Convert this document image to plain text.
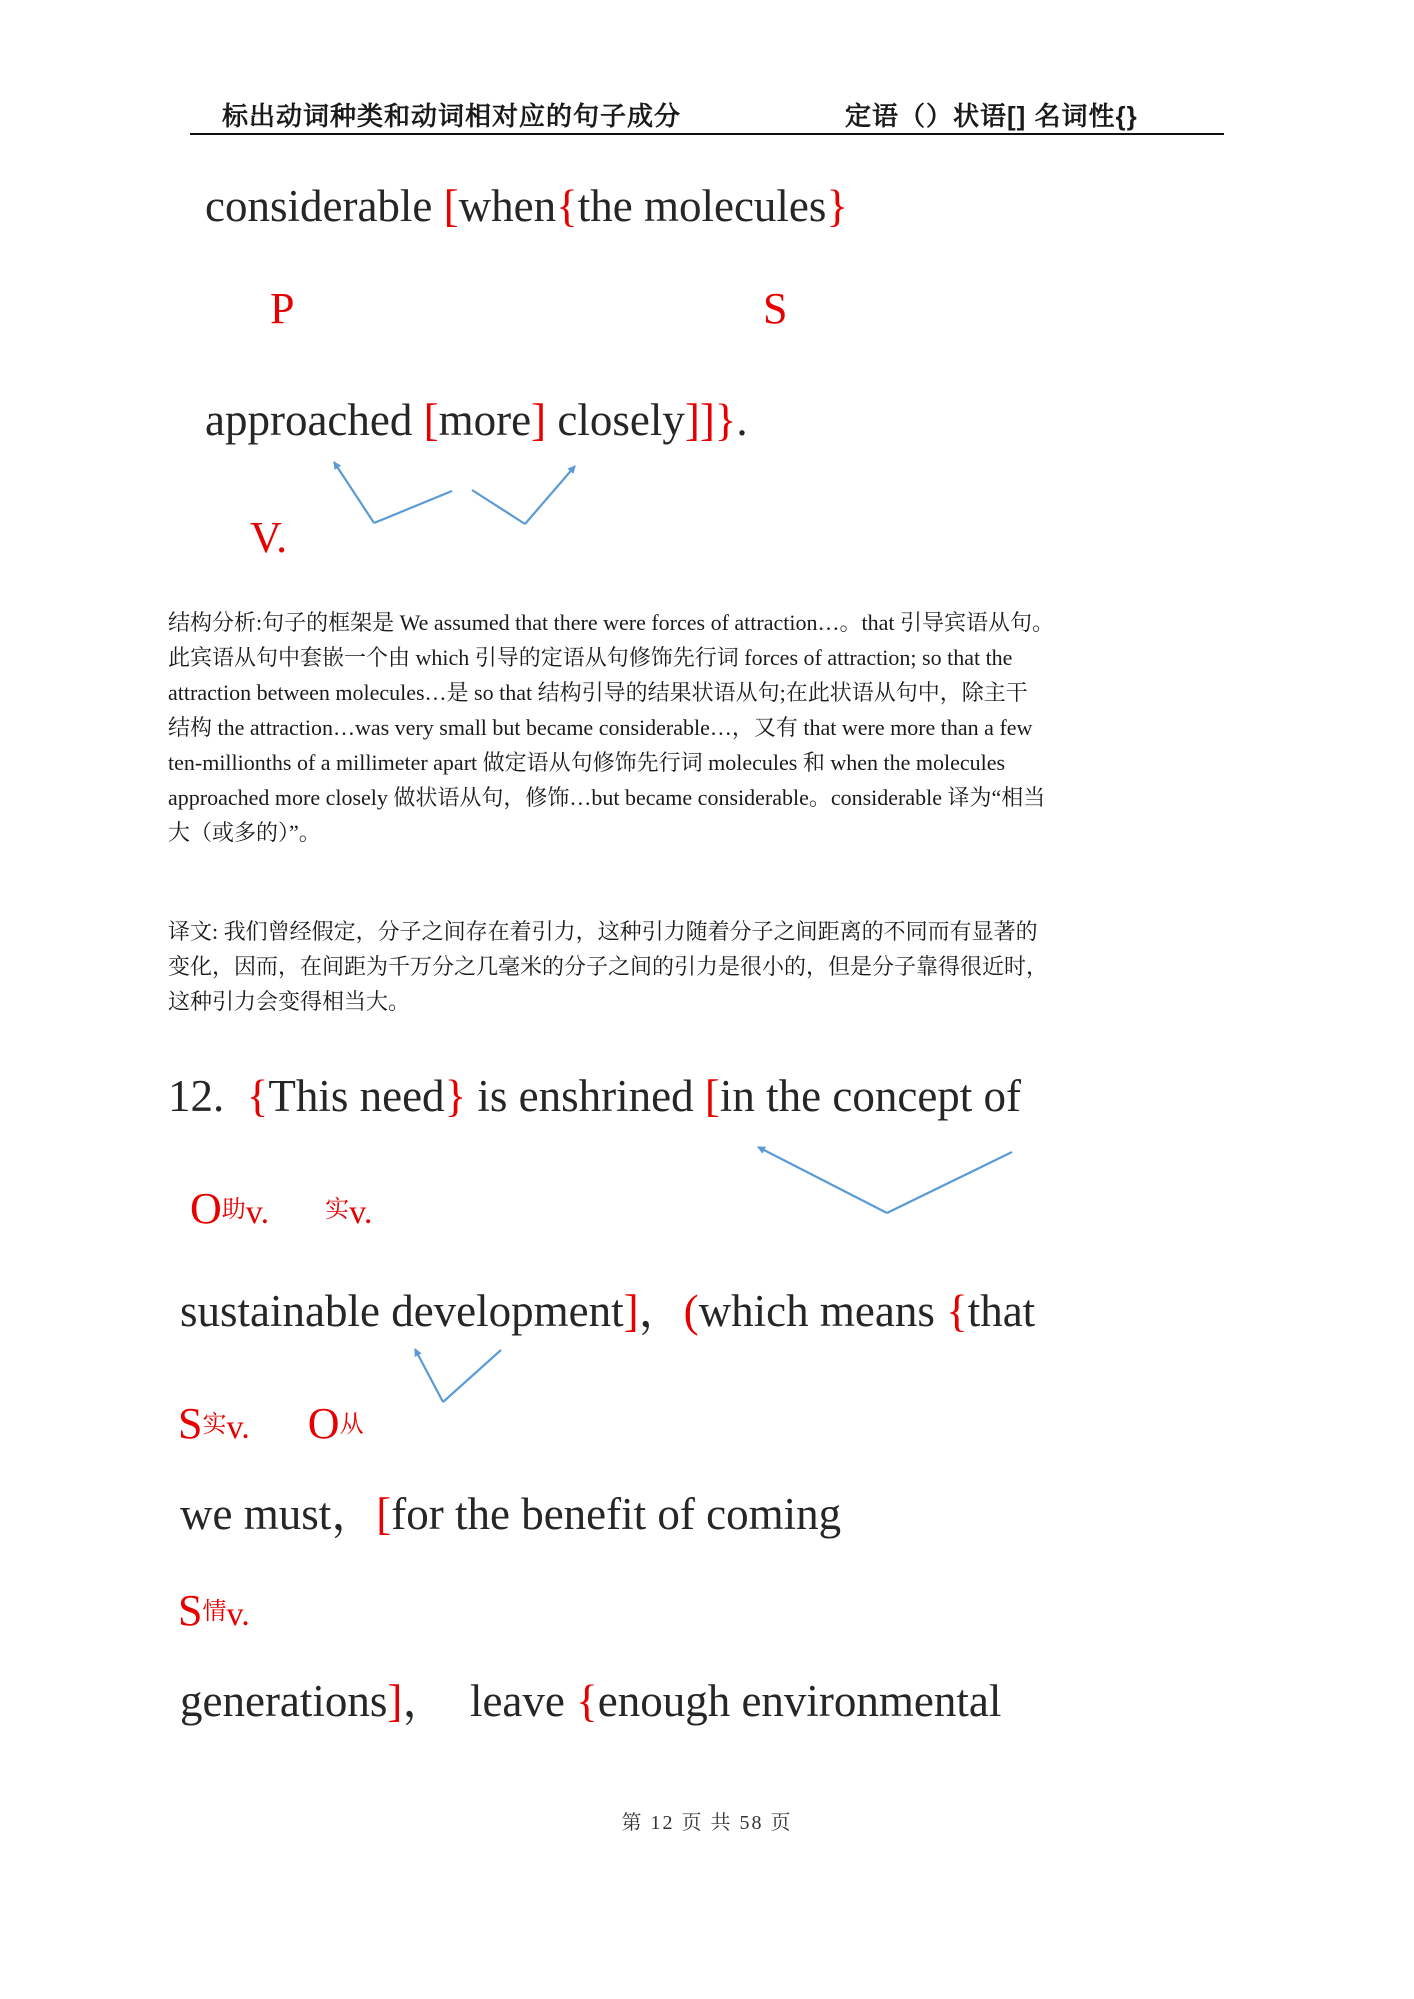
标出动词种类和动词相对应的句子成分	定语（）状语[] 名词性{}
considerable [when{the molecules}
P	S
approached [more] closely]]}.
V.
结构分析:句子的框架是 We assumed that there were forces of attraction…。that 引导宾语从句。
此宾语从句中套嵌一个由 which 引导的定语从句修饰先行词 forces of attraction; so that the
attraction between molecules…是 so that 结构引导的结果状语从句;在此状语从句中，除主干
结构 the attraction…was very small but became considerable…，又有 that were more than a few
ten-millionths of a millimeter apart 做定语从句修饰先行词 molecules 和 when the molecules
approached more closely 做状语从句，修饰…but became considerable。considerable 译为“相当
大（或多的）”。
译文: 我们曾经假定，分子之间存在着引力，这种引力随着分子之间距离的不同而有显著的
变化，因而，在间距为千万分之几毫米的分子之间的引力是很小的，但是分子靠得很近时，
这种引力会变得相当大。
12.  {This need} is enshrined [in the concept of
O助v. 实v.
sustainable development]，(which means {that
S实v. O从
we must，[for the benefit of coming
S情v.
generations]，  leave {enough environmental
第 12 页 共 58 页
